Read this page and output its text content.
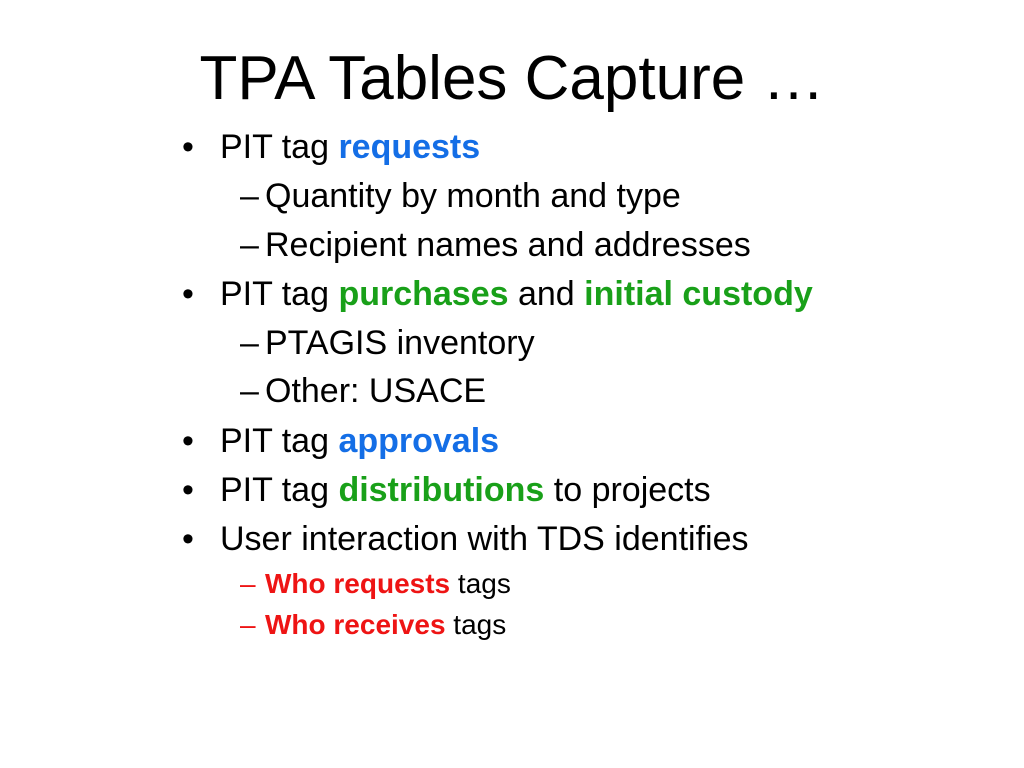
TPA Tables Capture …
• PIT tag requests
– Quantity by month and type
– Recipient names and addresses
• PIT tag purchases and initial custody
– PTAGIS inventory
– Other: USACE
• PIT tag approvals
• PIT tag distributions to projects
• User interaction with TDS identifies
– Who requests tags
– Who receives tags
